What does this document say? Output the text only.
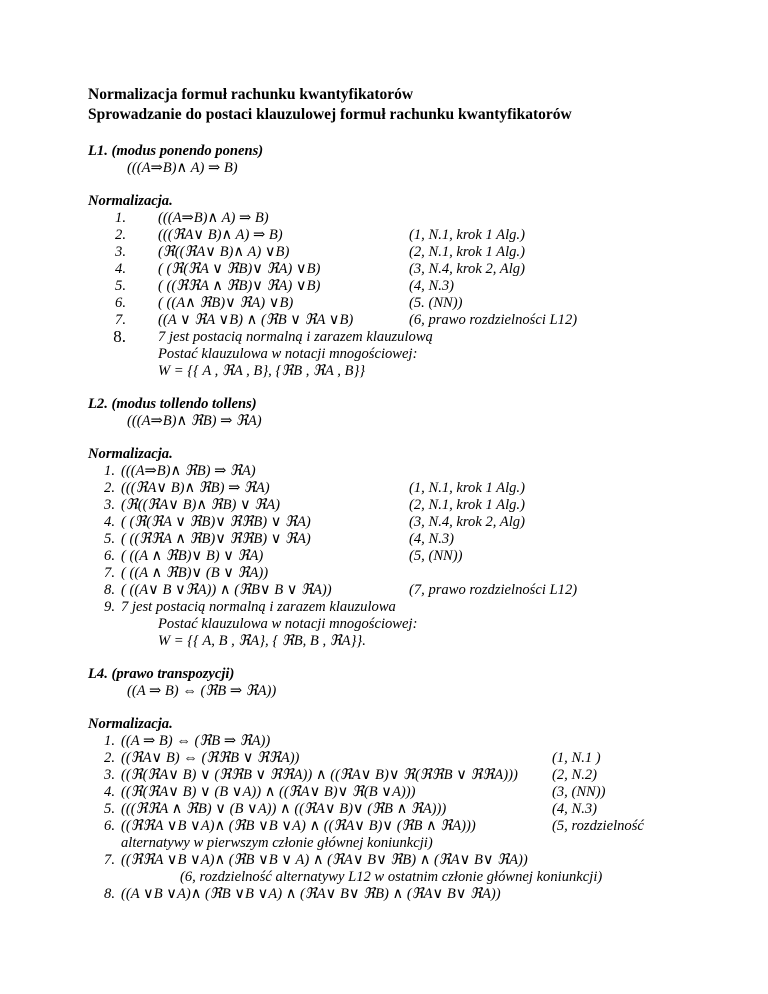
Normalizacja formuł rachunku kwantyfikatorów
Sprowadzanie do postaci klauzulowej formuł rachunku kwantyfikatorów
L1. (modus ponendo ponens)
(((A⇒B)∧ A) ⇒ B)
Normalizacja.
1. (((A⇒B)∧ A) ⇒ B)
2. (((ℜA∨ B)∧ A) ⇒ B)	(1, N.1, krok 1 Alg.)
3. (ℜ((ℜA∨ B)∧ A) ∨B)	(2, N.1, krok 1 Alg.)
4. ( (ℜ(ℜA ∨ ℜB)∨ ℜA) ∨B)	(3, N.4, krok 2, Alg)
5. ( ((ℜℜA ∧ ℜB)∨ ℜA) ∨B)	(4, N.3)
6. ( ((A∧ ℜB)∨ ℜA) ∨B)	(5. (NN))
7. ((A ∨ ℜA ∨B) ∧ (ℜB ∨ ℜA ∨B)	(6, prawo rozdzielności L12)
8. 7 jest postacią normalną i zarazem klauzulową
Postać klauzulowa w notacji mnogościowej:
W = {{ A , ℜA , B}, {ℜB , ℜA , B}}
L2. (modus tollendo tollens)
(((A⇒B)∧ ℜB) ⇒ ℜA)
Normalizacja.
1. (((A⇒B)∧ ℜB) ⇒ ℜA)
2. (((ℜA∨ B)∧ ℜB) ⇒ ℜA)	(1, N.1, krok 1 Alg.)
3. (ℜ((ℜA∨ B)∧ ℜB) ∨ ℜA)	(2, N.1, krok 1 Alg.)
4. ( (ℜ(ℜA ∨ ℜB)∨ ℜℜB) ∨ ℜA)	(3, N.4, krok 2, Alg)
5. ( ((ℜℜA ∧ ℜB)∨ ℜℜB) ∨ ℜA)	(4, N.3)
6. ( ((A ∧ ℜB)∨ B) ∨ ℜA)	(5, (NN))
7. ( ((A ∧ ℜB)∨ (B ∨ ℜA))
8. ( ((A∨ B ∨ℜA)) ∧ (ℜB∨ B ∨ ℜA))	(7, prawo rozdzielności L12)
9. 7 jest postacią normalną i zarazem klauzulowa
Postać klauzulowa w notacji mnogościowej:
W = {{ A, B , ℜA}, { ℜB, B , ℜA}}.
L4. (prawo transpozycji)
((A ⇒ B) ⇔ (ℜB ⇒ ℜA))
Normalizacja.
1. ((A ⇒ B) ⇔ (ℜB ⇒ ℜA))
2. ((ℜA∨ B) ⇔ (ℜℜB ∨ ℜℜA))	(1, N.1 )
3. ((ℜ(ℜA∨ B) ∨ (ℜℜB ∨ ℜℜA)) ∧ ((ℜA∨ B)∨ ℜ(ℜℜB ∨ ℜℜA))) (2, N.2)
4. ((ℜ(ℜA∨ B) ∨ (B ∨A)) ∧ ((ℜA∨ B)∨ ℜ(B ∨A)))	(3, (NN))
5. (((ℜℜA ∧ ℜB) ∨ (B ∨A)) ∧ ((ℜA∨ B)∨ (ℜB ∧ ℜA)))	(4, N.3)
6. ((ℜℜA ∨B ∨A)∧ (ℜB ∨B ∨A) ∧ ((ℜA∨ B)∨ (ℜB ∧ ℜA)))	(5, rozdzielność
alternatywy w pierwszym członie głównej koniunkcji)
7. ((ℜℜA ∨B ∨A)∧ (ℜB ∨B ∨ A) ∧ (ℜA∨ B∨ ℜB) ∧ (ℜA∨ B∨ ℜA))
(6, rozdzielność alternatywy L12 w ostatnim członie głównej koniunkcji)
8. ((A ∨B ∨A)∧ (ℜB ∨B ∨A) ∧ (ℜA∨ B∨ ℜB) ∧ (ℜA∨ B∨ ℜA))
